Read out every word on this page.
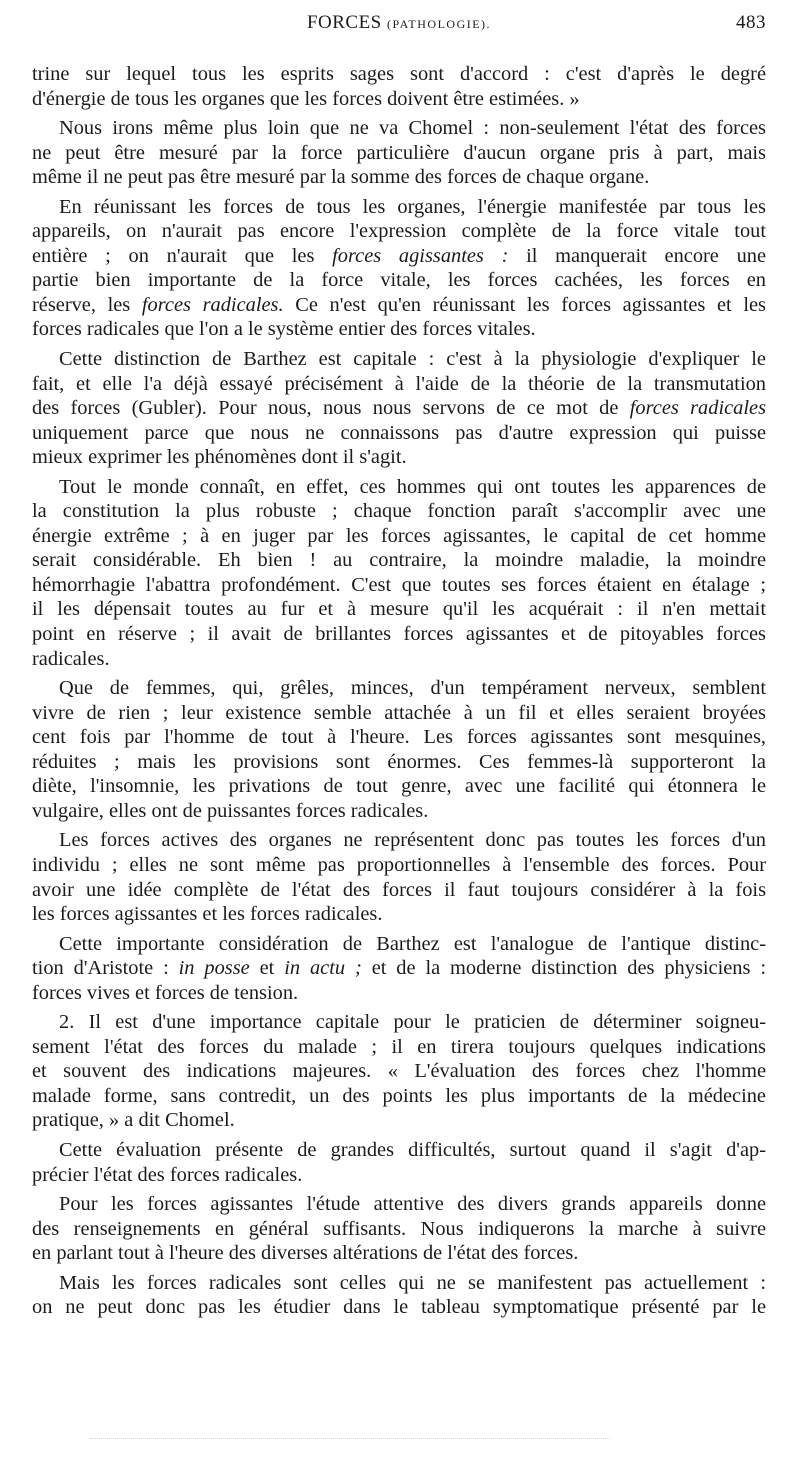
FORCES (PATHOLOGIE).	483
trine sur lequel tous les esprits sages sont d'accord : c'est d'après le degré
d'énergie de tous les organes que les forces doivent être estimées. »
Nous irons même plus loin que ne va Chomel : non-seulement l'état des forces
ne peut être mesuré par la force particulière d'aucun organe pris à part, mais
même il ne peut pas être mesuré par la somme des forces de chaque organe.
En réunissant les forces de tous les organes, l'énergie manifestée par tous les
appareils, on n'aurait pas encore l'expression complète de la force vitale tout
entière ; on n'aurait que les forces agissantes : il manquerait encore une
partie bien importante de la force vitale, les forces cachées, les forces en
réserve, les forces radicales. Ce n'est qu'en réunissant les forces agissantes et les
forces radicales que l'on a le système entier des forces vitales.
Cette distinction de Barthez est capitale : c'est à la physiologie d'expliquer le
fait, et elle l'a déjà essayé précisément à l'aide de la théorie de la transmutation
des forces (Gubler). Pour nous, nous nous servons de ce mot de forces radicales
uniquement parce que nous ne connaissons pas d'autre expression qui puisse
mieux exprimer les phénomènes dont il s'agit.
Tout le monde connaît, en effet, ces hommes qui ont toutes les apparences de
la constitution la plus robuste ; chaque fonction paraît s'accomplir avec une
énergie extrême ; à en juger par les forces agissantes, le capital de cet homme
serait considérable. Eh bien ! au contraire, la moindre maladie, la moindre
hémorrhagie l'abattra profondément. C'est que toutes ses forces étaient en étalage ;
il les dépensait toutes au fur et à mesure qu'il les acquérait : il n'en mettait
point en réserve ; il avait de brillantes forces agissantes et de pitoyables forces
radicales.
Que de femmes, qui, grêles, minces, d'un tempérament nerveux, semblent
vivre de rien ; leur existence semble attachée à un fil et elles seraient broyées
cent fois par l'homme de tout à l'heure. Les forces agissantes sont mesquines,
réduites ; mais les provisions sont énormes. Ces femmes-là supporteront la
diète, l'insomnie, les privations de tout genre, avec une facilité qui étonnera le
vulgaire, elles ont de puissantes forces radicales.
Les forces actives des organes ne représentent donc pas toutes les forces d'un
individu ; elles ne sont même pas proportionnelles à l'ensemble des forces. Pour
avoir une idée complète de l'état des forces il faut toujours considérer à la fois
les forces agissantes et les forces radicales.
Cette importante considération de Barthez est l'analogue de l'antique distinc-
tion d'Aristote : in posse et in actu ; et de la moderne distinction des physiciens :
forces vives et forces de tension.
2. Il est d'une importance capitale pour le praticien de déterminer soigneu-
sement l'état des forces du malade ; il en tirera toujours quelques indications
et souvent des indications majeures. « L'évaluation des forces chez l'homme
malade forme, sans contredit, un des points les plus importants de la médecine
pratique, » a dit Chomel.
Cette évaluation présente de grandes difficultés, surtout quand il s'agit d'ap-
précier l'état des forces radicales.
Pour les forces agissantes l'étude attentive des divers grands appareils donne
des renseignements en général suffisants. Nous indiquerons la marche à suivre
en parlant tout à l'heure des diverses altérations de l'état des forces.
Mais les forces radicales sont celles qui ne se manifestent pas actuellement :
on ne peut donc pas les étudier dans le tableau symptomatique présenté par le
